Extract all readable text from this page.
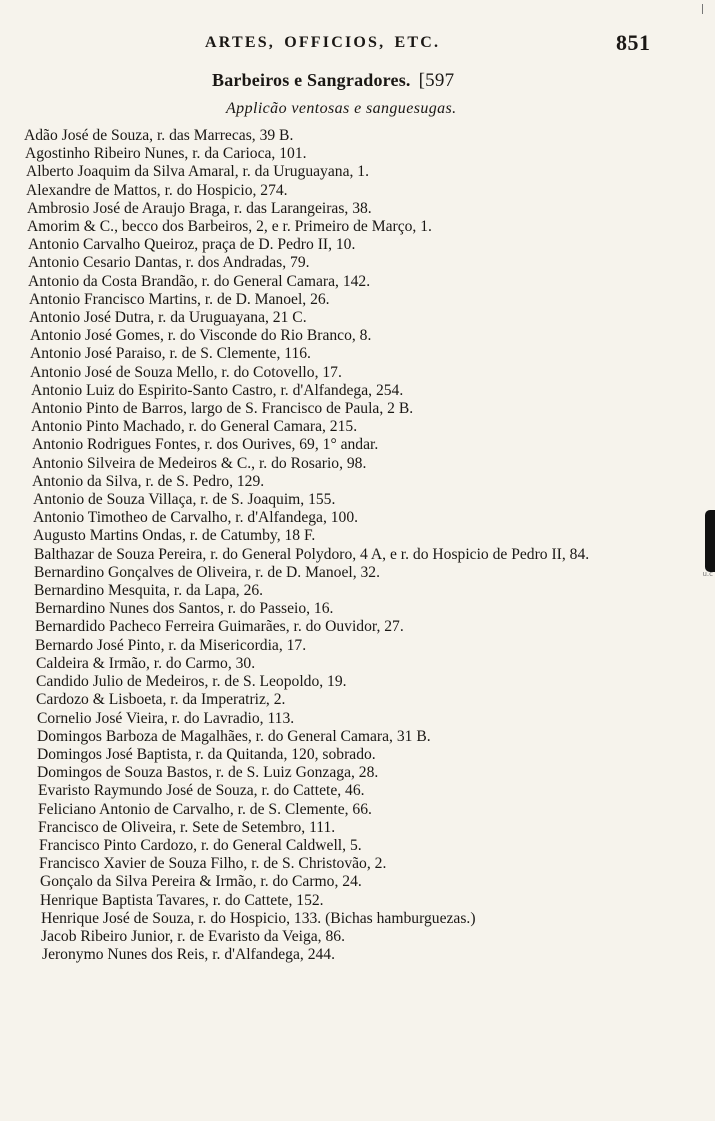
ARTES, OFFICIOS, ETC.	851
Barbeiros e Sangradores. [597
Applicão ventosas e sanguesugas.
Adão José de Souza, r. das Marrecas, 39 B.
Agostinho Ribeiro Nunes, r. da Carioca, 101.
Alberto Joaquim da Silva Amaral, r. da Uruguayana, 1.
Alexandre de Mattos, r. do Hospicio, 274.
Ambrosio José de Araujo Braga, r. das Larangeiras, 38.
Amorim & C., becco dos Barbeiros, 2, e r. Primeiro de Março, 1.
Antonio Carvalho Queiroz, praça de D. Pedro II, 10.
Antonio Cesario Dantas, r. dos Andradas, 79.
Antonio da Costa Brandão, r. do General Camara, 142.
Antonio Francisco Martins, r. de D. Manoel, 26.
Antonio José Dutra, r. da Uruguayana, 21 C.
Antonio José Gomes, r. do Visconde do Rio Branco, 8.
Antonio José Paraiso, r. de S. Clemente, 116.
Antonio José de Souza Mello, r. do Cotovello, 17.
Antonio Luiz do Espirito-Santo Castro, r. d'Alfandega, 254.
Antonio Pinto de Barros, largo de S. Francisco de Paula, 2 B.
Antonio Pinto Machado, r. do General Camara, 215.
Antonio Rodrigues Fontes, r. dos Ourives, 69, 1° andar.
Antonio Silveira de Medeiros & C., r. do Rosario, 98.
Antonio da Silva, r. de S. Pedro, 129.
Antonio de Souza Villaça, r. de S. Joaquim, 155.
Antonio Timotheo de Carvalho, r. d'Alfandega, 100.
Augusto Martins Ondas, r. de Catumby, 18 F.
Balthazar de Souza Pereira, r. do General Polydoro, 4 A, e r. do Hospicio de Pedro II, 84.
Bernardino Gonçalves de Oliveira, r. de D. Manoel, 32.
Bernardino Mesquita, r. da Lapa, 26.
Bernardino Nunes dos Santos, r. do Passeio, 16.
Bernardido Pacheco Ferreira Guimarães, r. do Ouvidor, 27.
Bernardo José Pinto, r. da Misericordia, 17.
Caldeira & Irmão, r. do Carmo, 30.
Candido Julio de Medeiros, r. de S. Leopoldo, 19.
Cardozo & Lisboeta, r. da Imperatriz, 2.
Cornelio José Vieira, r. do Lavradio, 113.
Domingos Barboza de Magalhães, r. do General Camara, 31 B.
Domingos José Baptista, r. da Quitanda, 120, sobrado.
Domingos de Souza Bastos, r. de S. Luiz Gonzaga, 28.
Evaristo Raymundo José de Souza, r. do Cattete, 46.
Feliciano Antonio de Carvalho, r. de S. Clemente, 66.
Francisco de Oliveira, r. Sete de Setembro, 111.
Francisco Pinto Cardozo, r. do General Caldwell, 5.
Francisco Xavier de Souza Filho, r. de S. Christovão, 2.
Gonçalo da Silva Pereira & Irmão, r. do Carmo, 24.
Henrique Baptista Tavares, r. do Cattete, 152.
Henrique José de Souza, r. do Hospicio, 133. (Bichas hamburguezas.)
Jacob Ribeiro Junior, r. de Evaristo da Veiga, 86.
Jeronymo Nunes dos Reis, r. d'Alfandega, 244.
u.c
